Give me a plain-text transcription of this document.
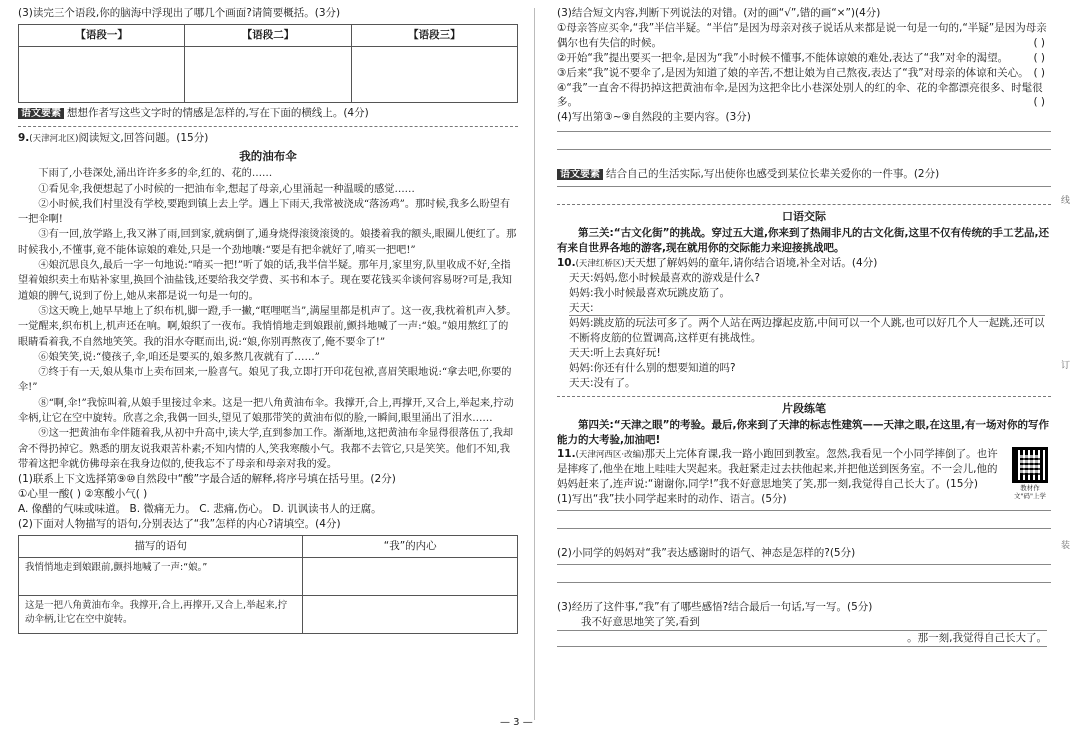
(3)读完三个语段,你的脑海中浮现出了哪几个画面?请简要概括。(3分)
【语段一】	【语段二】	【语段三】

语文要素 想想作者写这些文字时的情感是怎样的,写在下面的横线上。(4分)
9.(天津河北区)阅读短文,回答问题。(15分)
我的油布伞

下雨了,小巷深处,涌出许许多多的伞,红的、花的……

①看见伞,我便想起了小时候的一把油布伞,想起了母亲,心里涌起一种温暖的感觉……

②小时候,我们村里没有学校,要跑到镇上去上学。遇上下雨天,我常被浇成“落汤鸡”。那时候,我多么盼望有一把伞啊!

③有一回,放学路上,我又淋了雨,回到家,就病倒了,通身烧得滚烫滚烫的。娘搂着我的额头,眼圈儿便红了。那时候我小,不懂事,竟不能体谅娘的难处,只是一个劲地嚷:“要是有把伞就好了,唷买一把吧!”

④娘沉思良久,最后一字一句地说:“唷买一把!”听了娘的话,我半信半疑。那年月,家里穷,队里收成不好,全指望着娘织卖土布贴补家里,换回个油盐钱,还要给我交学费、买书和本子。现在要花钱买伞谈何容易呀?可是,我知道娘的脾气,说到了份上,她从来都是说一句是一句的。

⑤这天晚上,她早早地上了织布机,脚一蹬,手一撇,“哐哩哐当”,满屋里都是机声了。这一夜,我枕着机声入梦。一觉醒来,织布机上,机声还在响。啊,娘织了一夜布。我悄悄地走到娘跟前,颤抖地喊了一声:“娘。”娘用熬红了的眼睛看着我,不自然地笑笑。我的泪水夺眶而出,说:“娘,你别再熬夜了,俺不要伞了!”

⑥娘笑笑,说:“傻孩子,伞,咱还是要买的,娘多熬几夜就有了……”

⑦终于有一天,娘从集市上卖布回来,一脸喜气。娘见了我,立即打开印花包袱,喜眉笑眼地说:“拿去吧,你要的伞!”

⑧“啊,伞!”我惊叫着,从娘手里接过伞来。这是一把八角黄油布伞。我撑开,合上,再撑开,又合上,举起来,拧动伞柄,让它在空中旋转。欣喜之余,我偶一回头,望见了娘那带笑的黄油布似的脸,一瞬间,眼里涌出了泪水……

⑨这一把黄油布伞伴随着我,从初中升高中,读大学,直到参加工作。渐渐地,这把黄油布伞显得很落伍了,我却舍不得扔掉它。熟悉的朋友说我艰苦朴素;不知内情的人,笑我寒酸小气。我都不去管它,只是笑笑。他们不知,我带着这把伞就仿佛母亲在我身边似的,使我忘不了母亲和母亲对我的爱。

(1)联系上下文选择第⑨⑩自然段中“酸”字最合适的解释,将序号填在括号里。(2分)
①心里一酸( ) ②寒酸小气( )
A. 像醋的气味或味道。 B. 微痛无力。 C. 悲痛,伤心。 D. 讥讽读书人的迂腐。
(2)下面对人物描写的语句,分别表达了“我”怎样的内心?请填空。(4分)
描写的语句	“我”的内心
我悄悄地走到娘跟前,颤抖地喊了一声:“娘。”	
这是一把八角黄油布伞。我撑开,合上,再撑开,又合上,举起来,拧动伞柄,让它在空中旋转。	
(3)结合短文内容,判断下列说法的对错。(对的画“√”,错的画“×”)(4分)
①母亲答应买伞,“我”半信半疑。“半信”是因为母亲对孩子说话从来都是说一句是一句的,“半疑”是因为母亲偶尔也有失信的时候。	( )
②开始“我”提出要买一把伞,是因为“我”小时候不懂事,不能体谅娘的难处,表达了“我”对伞的渴望。 ( )
③后来“我”说不要伞了,是因为知道了娘的辛苦,不想让娘为自己熬夜,表达了“我”对母亲的体谅和关心。 ( )
④“我”一直舍不得扔掉这把黄油布伞,是因为这把伞比小巷深处别人的红的伞、花的伞都漂亮很多、时髦很多。	( )
(4)写出第③~⑨自然段的主要内容。(3分)
语文要素 结合自己的生活实际,写出使你也感受到某位长辈关爱你的一件事。(2分)
口语交际
第三关:“古文化街”的挑战。穿过五大道,你来到了热闹非凡的古文化街,这里不仅有传统的手工艺品,还有来自世界各地的游客,现在就用你的交际能力来迎接挑战吧。
10.(天津红桥区)天天想了解妈妈的童年,请你结合语境,补全对话。(4分)
天天:妈妈,您小时候最喜欢的游戏是什么?
妈妈:我小时候最喜欢玩跳皮筋了。
天天:
妈妈:跳皮筋的玩法可多了。两个人站在两边撑起皮筋,中间可以一个人跳,也可以好几个人一起跳,还可以不断将皮筋的位置调高,这样更有挑战性。
天天:听上去真好玩!
妈妈:你还有什么别的想要知道的吗?
天天:没有了。
片段练笔
第四关:“天津之眼”的考验。最后,你来到了天津的标志性建筑——天津之眼,在这里,有一场对你的写作能力的大考验,加油吧!
教材作文"码"上学
11.(天津河西区·改编)那天上完体育课,我一路小跑回到教室。忽然,我看见一个小同学摔倒了。也许是摔疼了,他坐在地上哇哇大哭起来。我赶紧走过去扶他起来,并把他送到医务室。不一会儿,他的妈妈赶来了,连声说:“谢谢你,同学!”我不好意思地笑了笑,那一刻,我觉得自己长大了。(15分)
(1)写出“我”扶小同学起来时的动作、语言。(5分)
(2)小同学的妈妈对“我”表达感谢时的语气、神态是怎样的?(5分)
(3)经历了这件事,“我”有了哪些感悟?结合最后一句话,写一写。(5分)
我不好意思地笑了笑,看到
。那一刻,我觉得自己长大了。
— 3 —
线
订
装
